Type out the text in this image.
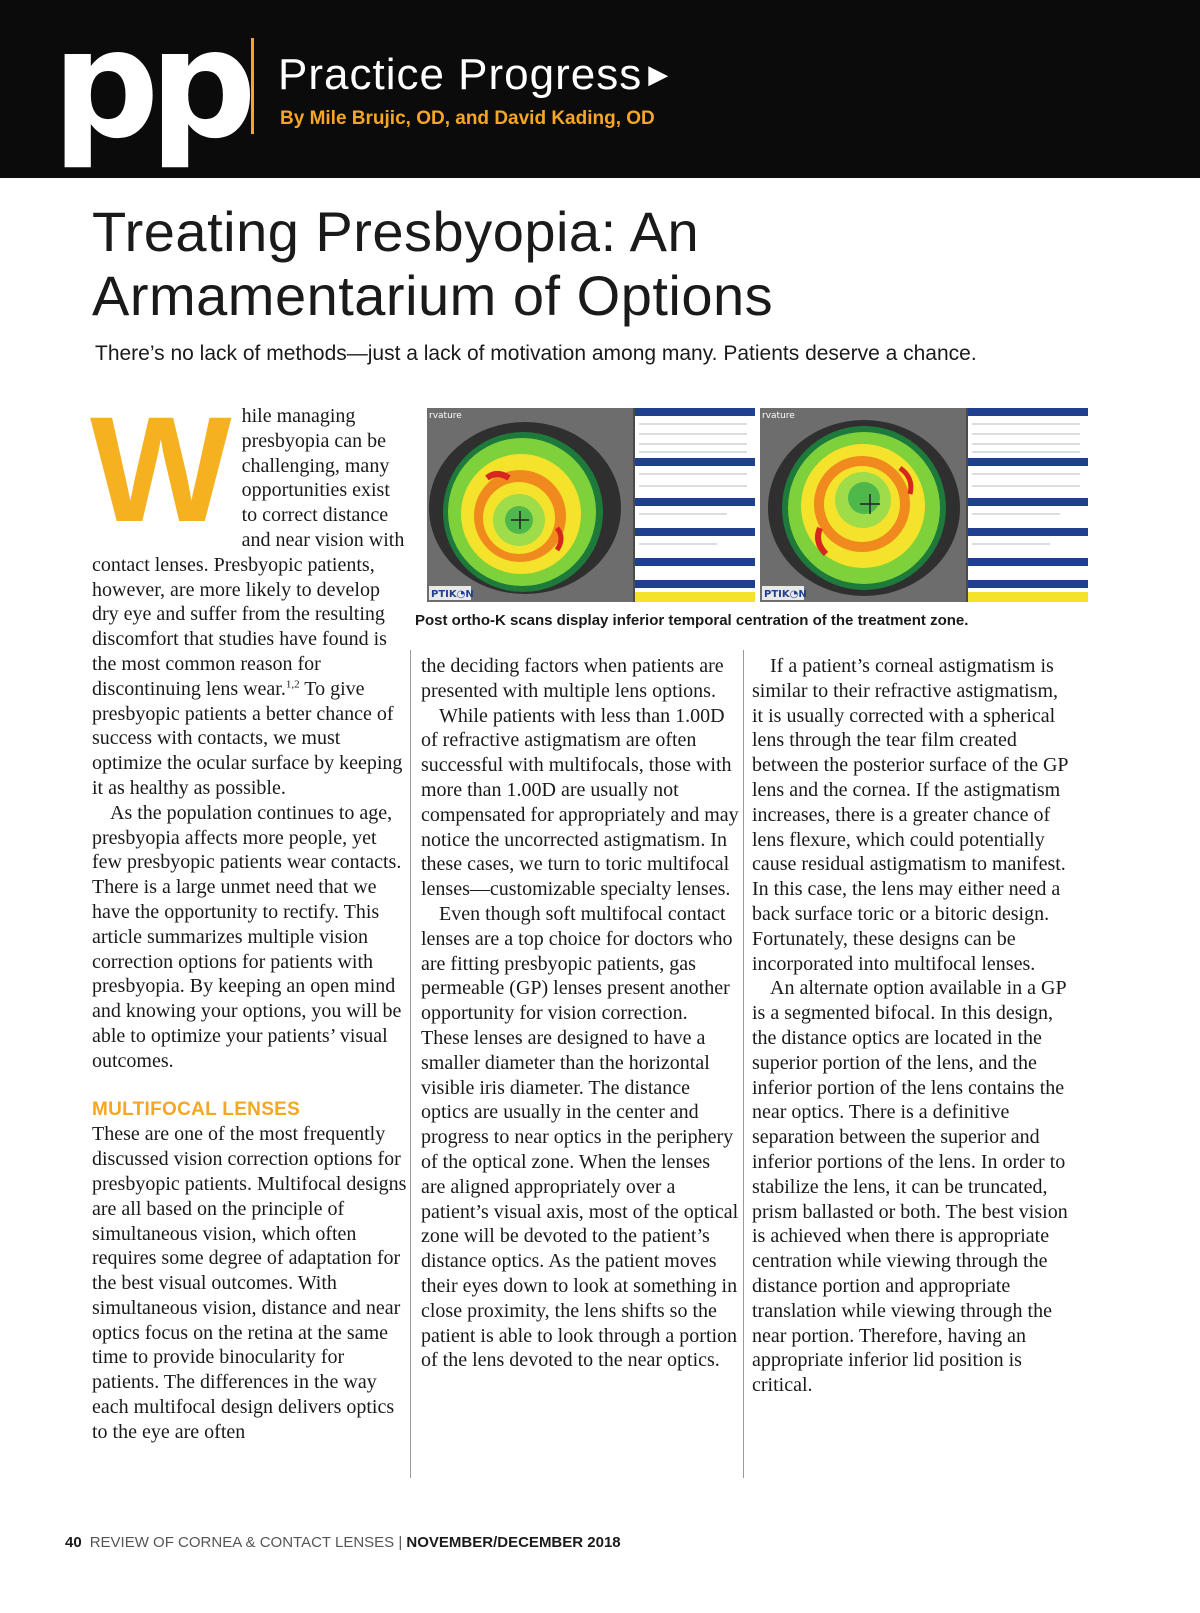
pp Practice Progress ▶
By Mile Brujic, OD, and David Kading, OD
Treating Presbyopia: An Armamentarium of Options
There’s no lack of methods—just a lack of motivation among many. Patients deserve a chance.

While managing presbyopia can be challenging, many opportunities exist to correct distance and near vision with contact lenses. Presbyopic patients, however, are more likely to develop dry eye and suffer from the resulting discomfort that studies have found is the most common reason for discontinuing lens wear.$^{1,2}$ To give presbyopic patients a better chance of success with contacts, we must optimize the ocular surface by keeping it as healthy as possible.

As the population continues to age, presbyopia affects more people, yet few presbyopic patients wear contacts. There is a large unmet need that we have the opportunity to rectify. This article summarizes multiple vision correction options for patients with presbyopia. By keeping an open mind and knowing your options, you will be able to optimize your patients’ visual outcomes.

MULTIFOCAL LENSES

These are one of the most frequently discussed vision correction options for presbyopic patients. Multifocal designs are all based on the principle of simultaneous vision, which often requires some degree of adaptation for the best visual outcomes. With simultaneous vision, distance and near optics focus on the retina at the same time to provide binocularity for patients. The differences in the way each multifocal design delivers optics to the eye are often

PTIK◔N
rvature
PTIK◔N
rvature
Post ortho-K scans display inferior temporal centration of the treatment zone.

the deciding factors when patients are presented with multiple lens options.

While patients with less than 1.00D of refractive astigmatism are often successful with multifocals, those with more than 1.00D are usually not compensated for appropriately and may notice the uncorrected astigmatism. In these cases, we turn to toric multifocal lenses—customizable specialty lenses.

Even though soft multifocal contact lenses are a top choice for doctors who are fitting presbyopic patients, gas permeable (GP) lenses present another opportunity for vision correction. These lenses are designed to have a smaller diameter than the horizontal visible iris diameter. The distance optics are usually in the center and progress to near optics in the periphery of the optical zone. When the lenses are aligned appropriately over a patient’s visual axis, most of the optical zone will be devoted to the patient’s distance optics. As the patient moves their eyes down to look at something in close proximity, the lens shifts so the patient is able to look through a portion of the lens devoted to the near optics.

If a patient’s corneal astigmatism is similar to their refractive astigmatism, it is usually corrected with a spherical lens through the tear film created between the posterior surface of the GP lens and the cornea. If the astigmatism increases, there is a greater chance of lens flexure, which could potentially cause residual astigmatism to manifest. In this case, the lens may either need a back surface toric or a bitoric design. Fortunately, these designs can be incorporated into multifocal lenses.

An alternate option available in a GP is a segmented bifocal. In this design, the distance optics are located in the superior portion of the lens, and the inferior portion of the lens contains the near optics. There is a definitive separation between the superior and inferior portions of the lens. In order to stabilize the lens, it can be truncated, prism ballasted or both. The best vision is achieved when there is appropriate centration while viewing through the distance portion and appropriate translation while viewing through the near portion. Therefore, having an appropriate inferior lid position is critical.

40 REVIEW OF CORNEA & CONTACT LENSES | NOVEMBER/DECEMBER 2018
